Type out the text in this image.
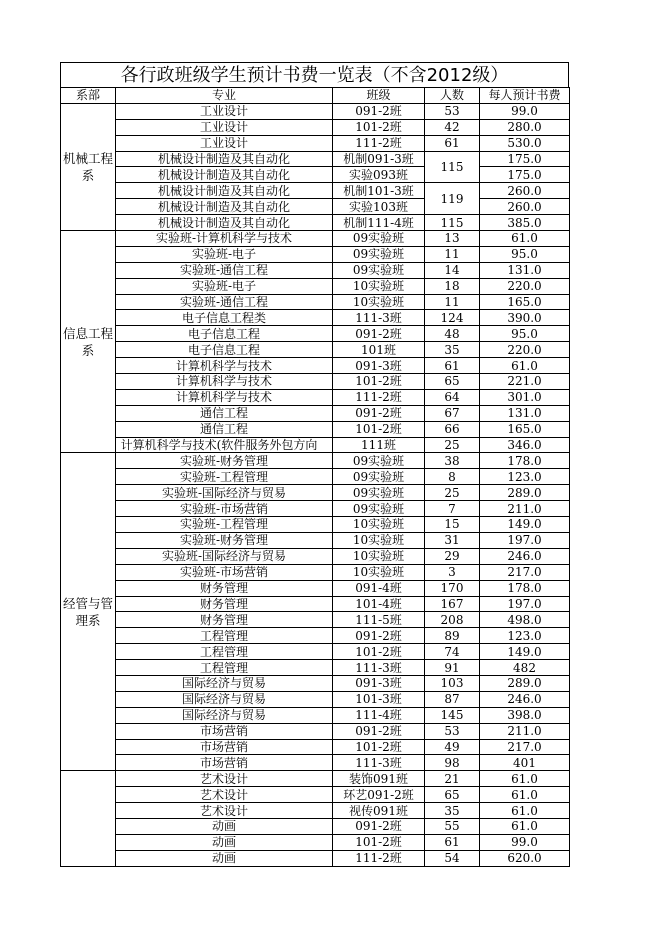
各行政班级学生预计书费一览表（不含2012级）
系部	专业	班级	人数	每人预计书费
机械工程系	工业设计	091-2班	53	99.0
	工业设计	101-2班	42	280.0
	工业设计	111-2班	61	530.0
	机械设计制造及其自动化	机制091-3班	115	175.0
	机械设计制造及其自动化	实验093班		175.0
	机械设计制造及其自动化	机制101-3班	119	260.0
	机械设计制造及其自动化	实验103班		260.0
	机械设计制造及其自动化	机制111-4班	115	385.0
信息工程系	实验班-计算机科学与技术	09实验班	13	61.0
	实验班-电子	09实验班	11	95.0
	实验班-通信工程	09实验班	14	131.0
	实验班-电子	10实验班	18	220.0
	实验班-通信工程	10实验班	11	165.0
	电子信息工程类	111-3班	124	390.0
	电子信息工程	091-2班	48	95.0
	电子信息工程	101班	35	220.0
	计算机科学与技术	091-3班	61	61.0
	计算机科学与技术	101-2班	65	221.0
	计算机科学与技术	111-2班	64	301.0
	通信工程	091-2班	67	131.0
	通信工程	101-2班	66	165.0
	计算机科学与技术(软件服务外包方向	111班	25	346.0
经管与管理系	实验班-财务管理	09实验班	38	178.0
	实验班-工程管理	09实验班	8	123.0
	实验班-国际经济与贸易	09实验班	25	289.0
	实验班-市场营销	09实验班	7	211.0
	实验班-工程管理	10实验班	15	149.0
	实验班-财务管理	10实验班	31	197.0
	实验班-国际经济与贸易	10实验班	29	246.0
	实验班-市场营销	10实验班	3	217.0
	财务管理	091-4班	170	178.0
	财务管理	101-4班	167	197.0
	财务管理	111-5班	208	498.0
	工程管理	091-2班	89	123.0
	工程管理	101-2班	74	149.0
	工程管理	111-3班	91	482
	国际经济与贸易	091-3班	103	289.0
	国际经济与贸易	101-3班	87	246.0
	国际经济与贸易	111-4班	145	398.0
	市场营销	091-2班	53	211.0
	市场营销	101-2班	49	217.0
	市场营销	111-3班	98	401
	艺术设计	装饰091班	21	61.0
	艺术设计	环艺091-2班	65	61.0
	艺术设计	视传091班	35	61.0
	动画	091-2班	55	61.0
	动画	101-2班	61	99.0
	动画	111-2班	54	620.0
